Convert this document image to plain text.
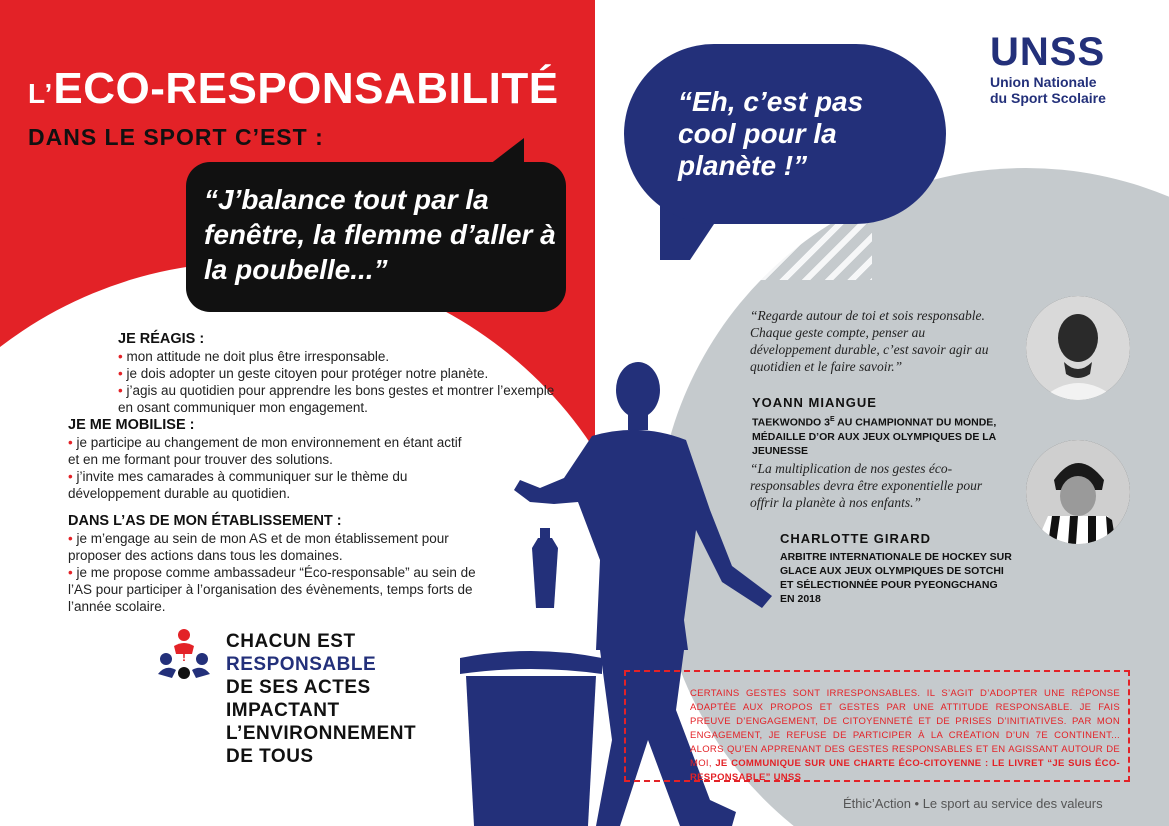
L’ECO-RESPONSABILITÉ
DANS LE SPORT C’EST :
“J’balance tout par la fenêtre, la flemme d’aller à la poubelle...”
“Eh, c’est pas cool pour la planète !”
UNSS
Union Nationale
du Sport Scolaire
JE RÉAGIS :
• mon attitude ne doit plus être irresponsable.
• je dois adopter un geste citoyen pour protéger notre planète.
• j’agis au quotidien pour apprendre les bons gestes et montrer l’exemple en osant communiquer mon engagement.
JE ME MOBILISE :
• je participe au changement de mon environnement en étant actif et en me formant pour trouver des solutions.
• j’invite mes camarades à communiquer sur le thème du développement durable au quotidien.
DANS L’AS DE MON ÉTABLISSEMENT :
• je m’engage au sein de mon AS et de mon établissement pour proposer des actions dans tous les domaines.
• je me propose comme ambassadeur “Éco-responsable” au sein de l’AS pour participer à l’organisation des évènements, temps forts de l’année scolaire.
!
CHACUN EST
RESPONSABLE
DE SES ACTES
IMPACTANT
L’ENVIRONNEMENT
DE TOUS
“Regarde autour de toi et sois responsable. Chaque geste compte, penser au développement durable, c’est savoir agir au quotidien et le faire savoir.”
YOANN MIANGUE
TAEKWONDO $3^E$ AU CHAMPIONNAT DU MONDE, MÉDAILLE D’OR AUX JEUX OLYMPIQUES DE LA JEUNESSE
“La multiplication de nos gestes éco-responsables devra être exponentielle pour offrir la planète à nos enfants.”
CHARLOTTE GIRARD
ARBITRE INTERNATIONALE DE HOCKEY SUR GLACE AUX JEUX OLYMPIQUES DE SOTCHI ET SÉLECTIONNÉE POUR PYEONGCHANG EN 2018
CERTAINS GESTES SONT IRRESPONSABLES. IL S’AGIT D’ADOPTER UNE RÉPONSE ADAPTÉE AUX PROPOS ET GESTES PAR UNE ATTITUDE RESPONSABLE. JE FAIS PREUVE D’ENGAGEMENT, DE CITOYENNETÉ ET DE PRISES D’INITIATIVES. PAR MON ENGAGEMENT, JE REFUSE DE PARTICIPER À LA CRÉATION D’UN 7E CONTINENT... ALORS QU’EN APPRENANT DES GESTES RESPONSABLES ET EN AGISSANT AUTOUR DE MOI, JE COMMUNIQUE SUR UNE CHARTE ÉCO-CITOYENNE : LE LIVRET “JE SUIS ÉCO-RESPONSABLE” UNSS
Éthic’Action • Le sport au service des valeurs
